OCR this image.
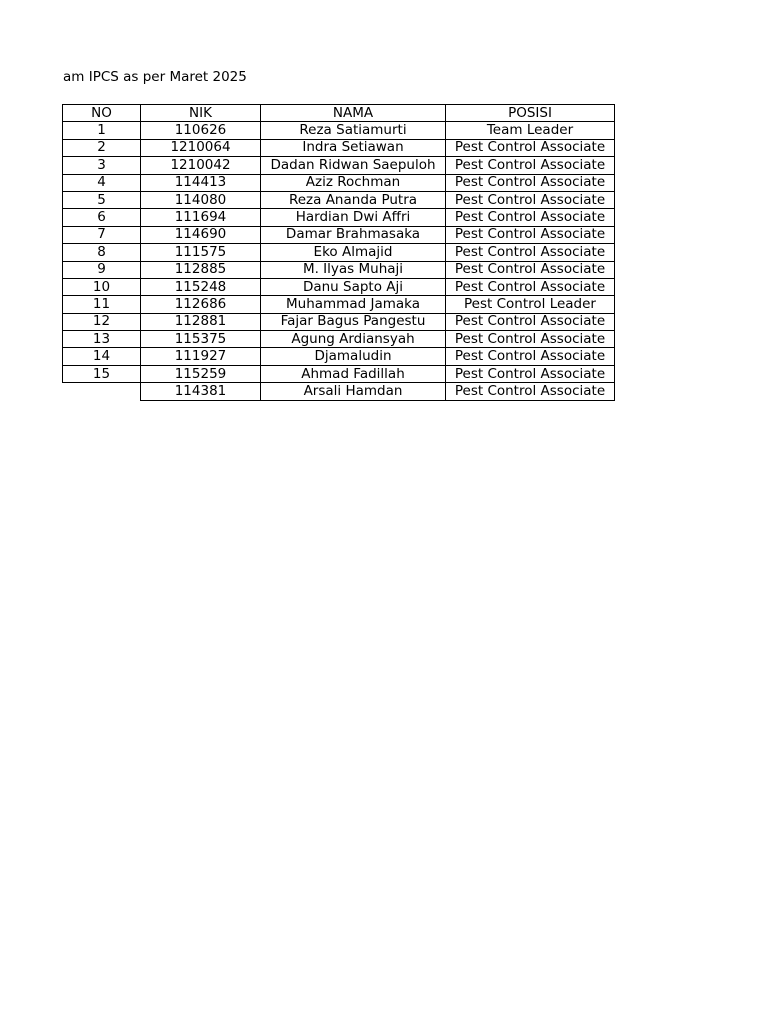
am IPCS as per Maret 2025
NO	NIK	NAMA	POSISI
1	110626	Reza Satiamurti	Team Leader
2	1210064	Indra Setiawan	Pest Control Associate
3	1210042	Dadan Ridwan Saepuloh	Pest Control Associate
4	114413	Aziz Rochman	Pest Control Associate
5	114080	Reza Ananda Putra	Pest Control Associate
6	111694	Hardian Dwi Affri	Pest Control Associate
7	114690	Damar Brahmasaka	Pest Control Associate
8	111575	Eko Almajid	Pest Control Associate
9	112885	M. Ilyas Muhaji	Pest Control Associate
10	115248	Danu Sapto Aji	Pest Control Associate
11	112686	Muhammad Jamaka	Pest Control Leader
12	112881	Fajar Bagus Pangestu	Pest Control Associate
13	115375	Agung Ardiansyah	Pest Control Associate
14	111927	Djamaludin	Pest Control Associate
15	115259	Ahmad Fadillah	Pest Control Associate
	114381	Arsali Hamdan	Pest Control Associate
